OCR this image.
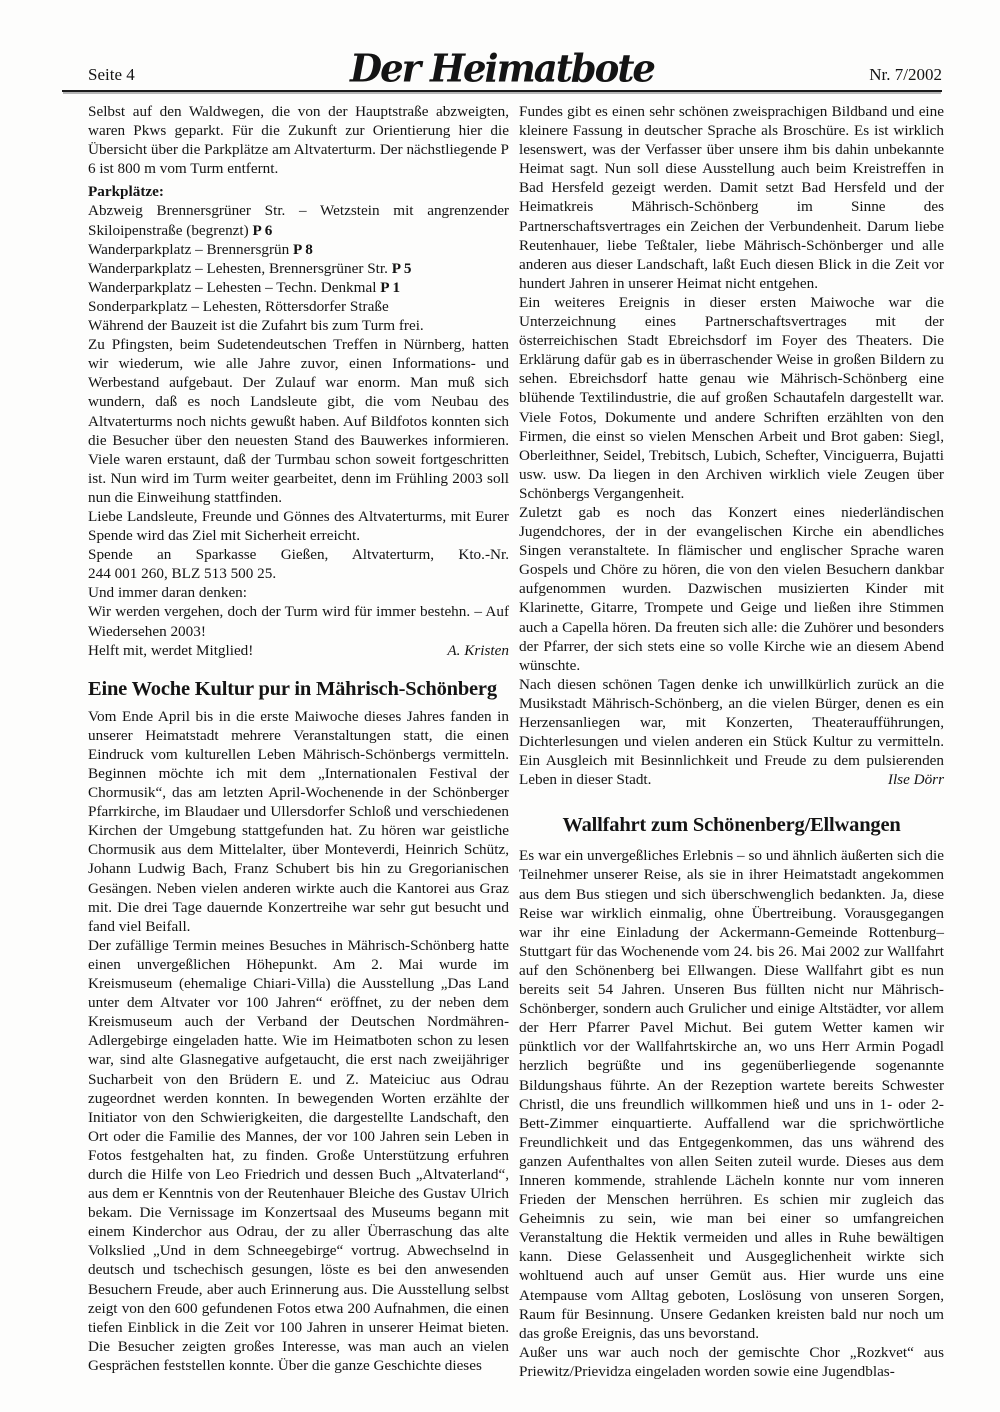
Seite 4	Nr. 7/2002
Der Heimatbote

Selbst auf den Waldwegen, die von der Hauptstraße abzweigten, waren Pkws geparkt. Für die Zukunft zur Orientierung hier die Übersicht über die Parkplätze am Altvaterturm. Der nächstliegende P 6 ist 800 m vom Turm entfernt.

Parkplätze:

Abzweig Brennersgrüner Str. – Wetzstein mit angrenzender Skiloipenstraße (begrenzt) P 6
Wanderparkplatz – Brennersgrün P 8
Wanderparkplatz – Lehesten, Brennersgrüner Str. P 5
Wanderparkplatz – Lehesten – Techn. Denkmal P 1
Sonderparkplatz – Lehesten, Röttersdorfer Straße
Während der Bauzeit ist die Zufahrt bis zum Turm frei.

Zu Pfingsten, beim Sudetendeutschen Treffen in Nürnberg, hatten wir wiederum, wie alle Jahre zuvor, einen Informations- und Werbestand aufgebaut. Der Zulauf war enorm. Man muß sich wundern, daß es noch Landsleute gibt, die vom Neubau des Altvaterturms noch nichts gewußt haben. Auf Bildfotos konnten sich die Besucher über den neuesten Stand des Bauwerkes informieren. Viele waren erstaunt, daß der Turmbau schon soweit fortgeschritten ist. Nun wird im Turm weiter gearbeitet, denn im Frühling 2003 soll nun die Einweihung stattfinden.

Liebe Landsleute, Freunde und Gönnes des Altvaterturms, mit Eurer Spende wird das Ziel mit Sicherheit erreicht.

Spende an Sparkasse Gießen, Altvaterturm, Kto.-Nr.
244 001 260, BLZ 513 500 25.

Und immer daran denken:

Wir werden vergehen, doch der Turm wird für immer bestehn. – Auf Wiedersehen 2003!

Helft mit, werdet Mitglied!	A. Kristen
Eine Woche Kultur pur in Mährisch-Schönberg

Vom Ende April bis in die erste Maiwoche dieses Jahres fanden in unserer Heimatstadt mehrere Veranstaltungen statt, die einen Eindruck vom kulturellen Leben Mährisch-Schönbergs vermitteln. Beginnen möchte ich mit dem „Internationalen Festival der Chormusik“, das am letzten April-Wochenende in der Schönberger Pfarrkirche, im Blaudaer und Ullersdorfer Schloß und verschiedenen Kirchen der Umgebung stattgefunden hat. Zu hören war geistliche Chormusik aus dem Mittelalter, über Monteverdi, Heinrich Schütz, Johann Ludwig Bach, Franz Schubert bis hin zu Gregorianischen Gesängen. Neben vielen anderen wirkte auch die Kantorei aus Graz mit. Die drei Tage dauernde Konzertreihe war sehr gut besucht und fand viel Beifall.

Der zufällige Termin meines Besuches in Mährisch-Schönberg hatte einen unvergeßlichen Höhepunkt. Am 2. Mai wurde im Kreismuseum (ehemalige Chiari-Villa) die Ausstellung „Das Land unter dem Altvater vor 100 Jahren“ eröffnet, zu der neben dem Kreismuseum auch der Verband der Deutschen Nordmähren-Adlergebirge eingeladen hatte. Wie im Heimatboten schon zu lesen war, sind alte Glasnegative aufgetaucht, die erst nach zweijähriger Sucharbeit von den Brüdern E. und Z. Mateiciuc aus Odrau zugeordnet werden konnten. In bewegenden Worten erzählte der Initiator von den Schwierigkeiten, die dargestellte Landschaft, den Ort oder die Familie des Mannes, der vor 100 Jahren sein Leben in Fotos festgehalten hat, zu finden. Große Unterstützung erfuhren durch die Hilfe von Leo Friedrich und dessen Buch „Altvaterland“, aus dem er Kenntnis von der Reutenhauer Bleiche des Gustav Ulrich bekam. Die Vernissage im Konzertsaal des Museums begann mit einem Kinderchor aus Odrau, der zu aller Überraschung das alte Volkslied „Und in dem Schneegebirge“ vortrug. Abwechselnd in deutsch und tschechisch gesungen, löste es bei den anwesenden Besuchern Freude, aber auch Erinnerung aus. Die Ausstellung selbst zeigt von den 600 gefundenen Fotos etwa 200 Aufnahmen, die einen tiefen Einblick in die Zeit vor 100 Jahren in unserer Heimat bieten. Die Besucher zeigten großes Interesse, was man auch an vielen Gesprächen feststellen konnte. Über die ganze Geschichte dieses

Fundes gibt es einen sehr schönen zweisprachigen Bildband und eine kleinere Fassung in deutscher Sprache als Broschüre. Es ist wirklich lesenswert, was der Verfasser über unsere ihm bis dahin unbekannte Heimat sagt. Nun soll diese Ausstellung auch beim Kreistreffen in Bad Hersfeld gezeigt werden. Damit setzt Bad Hersfeld und der Heimatkreis Mährisch-Schönberg im Sinne des Partnerschaftsvertrages ein Zeichen der Verbundenheit. Darum liebe Reutenhauer, liebe Teßtaler, liebe Mährisch-Schönberger und alle anderen aus dieser Landschaft, laßt Euch diesen Blick in die Zeit vor hundert Jahren in unserer Heimat nicht entgehen.

Ein weiteres Ereignis in dieser ersten Maiwoche war die Unterzeichnung eines Partnerschaftsvertrages mit der österreichischen Stadt Ebreichsdorf im Foyer des Theaters. Die Erklärung dafür gab es in überraschender Weise in großen Bildern zu sehen. Ebreichsdorf hatte genau wie Mährisch-Schönberg eine blühende Textilindustrie, die auf großen Schautafeln dargestellt war. Viele Fotos, Dokumente und andere Schriften erzählten von den Firmen, die einst so vielen Menschen Arbeit und Brot gaben: Siegl, Oberleithner, Seidel, Trebitsch, Lubich, Schefter, Vinciguerra, Bujatti usw. usw. Da liegen in den Archiven wirklich viele Zeugen über Schönbergs Vergangenheit.

Zuletzt gab es noch das Konzert eines niederländischen Jugendchores, der in der evangelischen Kirche ein abendliches Singen veranstaltete. In flämischer und englischer Sprache waren Gospels und Chöre zu hören, die von den vielen Besuchern dankbar aufgenommen wurden. Dazwischen musizierten Kinder mit Klarinette, Gitarre, Trompete und Geige und ließen ihre Stimmen auch a Capella hören. Da freuten sich alle: die Zuhörer und besonders der Pfarrer, der sich stets eine so volle Kirche wie an diesem Abend wünschte.

Nach diesen schönen Tagen denke ich unwillkürlich zurück an die Musikstadt Mährisch-Schönberg, an die vielen Bürger, denen es ein Herzensanliegen war, mit Konzerten, Theateraufführungen, Dichterlesungen und vielen anderen ein Stück Kultur zu vermitteln. Ein Ausgleich mit Besinnlichkeit und Freude zu dem pulsierenden Leben in dieser Stadt.	Ilse Dörr

Wallfahrt zum Schönenberg/Ellwangen

Es war ein unvergeßliches Erlebnis – so und ähnlich äußerten sich die Teilnehmer unserer Reise, als sie in ihrer Heimatstadt angekommen aus dem Bus stiegen und sich überschwenglich bedankten. Ja, diese Reise war wirklich einmalig, ohne Übertreibung. Vorausgegangen war ihr eine Einladung der Ackermann-Gemeinde Rottenburg–Stuttgart für das Wochenende vom 24. bis 26. Mai 2002 zur Wallfahrt auf den Schönenberg bei Ellwangen. Diese Wallfahrt gibt es nun bereits seit 54 Jahren. Unseren Bus füllten nicht nur Mährisch-Schönberger, sondern auch Grulicher und einige Altstädter, vor allem der Herr Pfarrer Pavel Michut. Bei gutem Wetter kamen wir pünktlich vor der Wallfahrtskirche an, wo uns Herr Armin Pogadl herzlich begrüßte und ins gegenüberliegende sogenannte Bildungshaus führte. An der Rezeption wartete bereits Schwester Christl, die uns freundlich willkommen hieß und uns in 1- oder 2-Bett-Zimmer einquartierte. Auffallend war die sprichwörtliche Freundlichkeit und das Entgegenkommen, das uns während des ganzen Aufenthaltes von allen Seiten zuteil wurde. Dieses aus dem Inneren kommende, strahlende Lächeln konnte nur vom inneren Frieden der Menschen herrühren. Es schien mir zugleich das Geheimnis zu sein, wie man bei einer so umfangreichen Veranstaltung die Hektik vermeiden und alles in Ruhe bewältigen kann. Diese Gelassenheit und Ausgeglichenheit wirkte sich wohltuend auch auf unser Gemüt aus. Hier wurde uns eine Atempause vom Alltag geboten, Loslösung von unseren Sorgen, Raum für Besinnung. Unsere Gedanken kreisten bald nur noch um das große Ereignis, das uns bevorstand.

Außer uns war auch noch der gemischte Chor „Rozkvet“ aus Priewitz/Prievidza eingeladen worden sowie eine Jugendblas-
